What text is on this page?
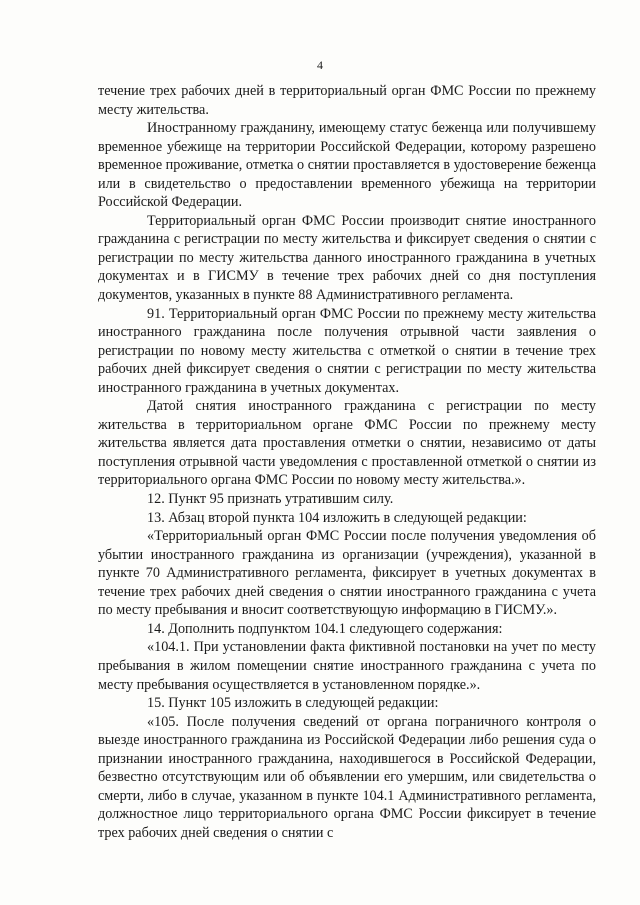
4

течение трех рабочих дней в территориальный орган ФМС России по прежнему месту жительства.

Иностранному гражданину, имеющему статус беженца или получившему временное убежище на территории Российской Федерации, которому разрешено временное проживание, отметка о снятии проставляется в удостоверение беженца или в свидетельство о предоставлении временного убежища на территории Российской Федерации.

Территориальный орган ФМС России производит снятие иностранного гражданина с регистрации по месту жительства и фиксирует сведения о снятии с регистрации по месту жительства данного иностранного гражданина в учетных документах и в ГИСМУ в течение трех рабочих дней со дня поступления документов, указанных в пункте 88 Административного регламента.

91. Территориальный орган ФМС России по прежнему месту жительства иностранного гражданина после получения отрывной части заявления о регистрации по новому месту жительства с отметкой о снятии в течение трех рабочих дней фиксирует сведения о снятии с регистрации по месту жительства иностранного гражданина в учетных документах.

Датой снятия иностранного гражданина с регистрации по месту жительства в территориальном органе ФМС России по прежнему месту жительства является дата проставления отметки о снятии, независимо от даты поступления отрывной части уведомления с проставленной отметкой о снятии из территориального органа ФМС России по новому месту жительства.».

12. Пункт 95 признать утратившим силу.

13. Абзац второй пункта 104 изложить в следующей редакции:

«Территориальный орган ФМС России после получения уведомления об убытии иностранного гражданина из организации (учреждения), указанной в пункте 70 Административного регламента, фиксирует в учетных документах в течение трех рабочих дней сведения о снятии иностранного гражданина с учета по месту пребывания и вносит соответствующую информацию в ГИСМУ.».

14. Дополнить подпунктом 104.1 следующего содержания:

«104.1. При установлении факта фиктивной постановки на учет по месту пребывания в жилом помещении снятие иностранного гражданина с учета по месту пребывания осуществляется в установленном порядке.».

15. Пункт 105 изложить в следующей редакции:

«105. После получения сведений от органа пограничного контроля о выезде иностранного гражданина из Российской Федерации либо решения суда о признании иностранного гражданина, находившегося в Российской Федерации, безвестно отсутствующим или об объявлении его умершим, или свидетельства о смерти, либо в случае, указанном в пункте 104.1 Административного регламента, должностное лицо территориального органа ФМС России фиксирует в течение трех рабочих дней сведения о снятии с
